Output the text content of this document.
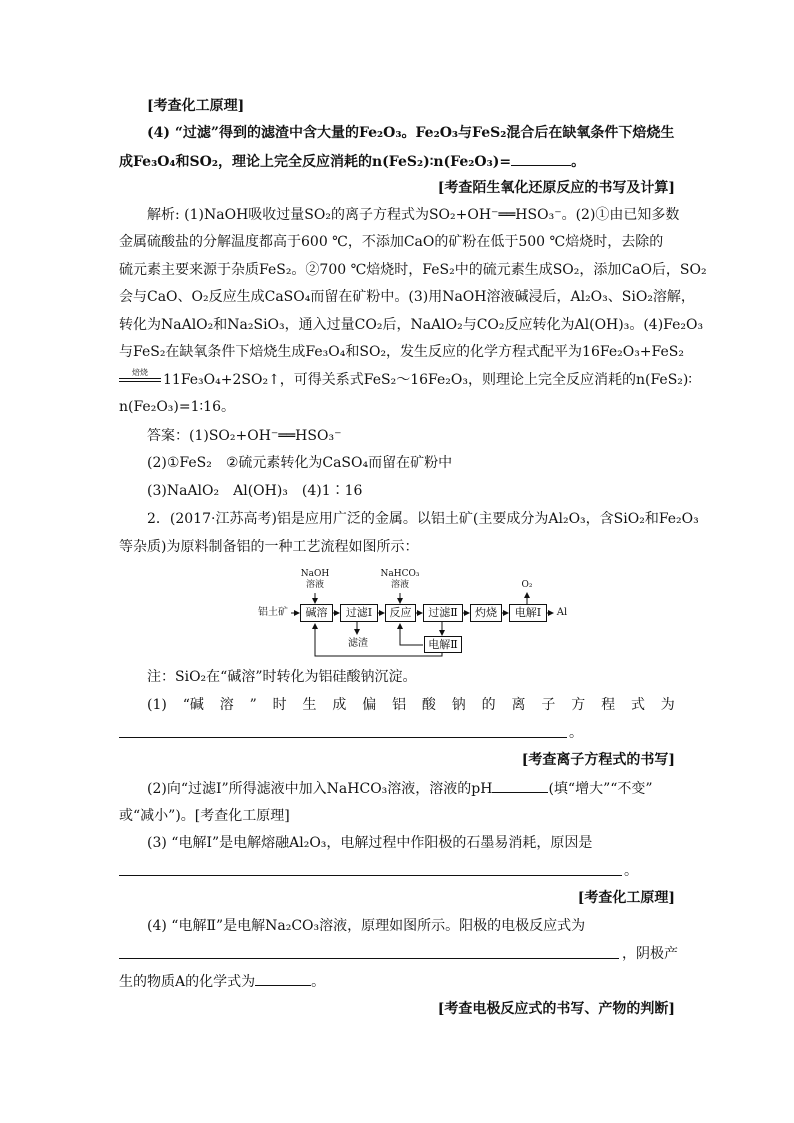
[考查化工原理]
(4) “过滤”得到的滤渣中含大量的Fe₂O₃。Fe₂O₃与FeS₂混合后在缺氧条件下焙烧生
成Fe₃O₄和SO₂，理论上完全反应消耗的n(FeS₂)∶n(Fe₂O₃)=	。
[考查陌生氧化还原反应的书写及计算]
解析: (1)NaOH吸收过量SO₂的离子方程式为SO₂+OH⁻══HSO₃⁻。(2)①由已知多数
金属硫酸盐的分解温度都高于600 ℃，不添加CaO的矿粉在低于500 ℃焙烧时，去除的
硫元素主要来源于杂质FeS₂。②700 ℃焙烧时，FeS₂中的硫元素生成SO₂，添加CaO后，SO₂
会与CaO、O₂反应生成CaSO₄而留在矿粉中。(3)用NaOH溶液碱浸后，Al₂O₃、SiO₂溶解，
转化为NaAlO₂和Na₂SiO₃，通入过量CO₂后，NaAlO₂与CO₂反应转化为Al(OH)₃。(4)Fe₂O₃
与FeS₂在缺氧条件下焙烧生成Fe₃O₄和SO₂，发生反应的化学方程式配平为16Fe₂O₃+FeS₂
焙烧	11Fe₃O₄+2SO₂↑，可得关系式FeS₂～16Fe₂O₃，则理论上完全反应消耗的n(FeS₂)∶
n(Fe₂O₃)=1∶16。
答案：(1)SO₂+OH⁻══HSO₃⁻
(2)①FeS₂　②硫元素转化为CaSO₄而留在矿粉中
(3)NaAlO₂　Al(OH)₃　(4)1∶16
2．(2017·江苏高考)铝是应用广泛的金属。以铝土矿(主要成分为Al₂O₃，含SiO₂和Fe₂O₃
等杂质)为原料制备铝的一种工艺流程如图所示：
铝土矿
NaOH
溶液
NaHCO₃
溶液	O₂
碱溶	过滤Ⅰ	反应	过滤Ⅱ	灼烧	电解Ⅰ	Al
滤渣	电解Ⅱ
注：SiO₂在“碱溶”时转化为铝硅酸钠沉淀。
(1) “碱 溶 ” 时 生 成 偏 铝 酸 钠 的 离 子 方 程 式 为
。
[考查离子方程式的书写]
(2)向“过滤Ⅰ”所得滤液中加入NaHCO₃溶液，溶液的pH	(填“增大”“不变”
或“减小”)。[考查化工原理]
(3) “电解Ⅰ”是电解熔融Al₂O₃，电解过程中作阳极的石墨易消耗，原因是
。
[考查化工原理]
(4) “电解Ⅱ”是电解Na₂CO₃溶液，原理如图所示。阳极的电极反应式为
，阴极产
生的物质A的化学式为	。
[考查电极反应式的书写、产物的判断]
